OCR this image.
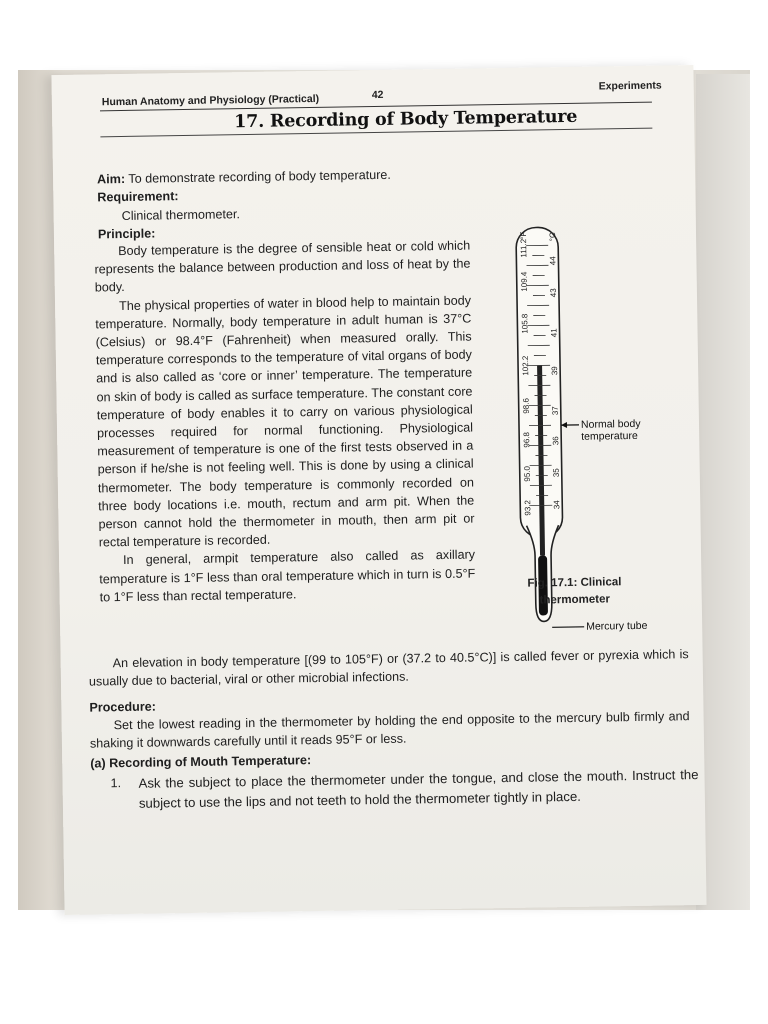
Human Anatomy and Physiology (Practical)	42
Experiments
17. Recording of Body Temperature
Aim: To demonstrate recording of body temperature.
Requirement:
Clinical thermometer.
Principle:

Body temperature is the degree of sensible heat or cold which represents the balance between production and loss of heat by the body.

The physical properties of water in blood help to maintain body temperature. Normally, body temperature in adult human is 37°C (Celsius) or 98.4°F (Fahrenheit) when measured orally. This temperature corresponds to the temperature of vital organs of body and is also called as ‘core or inner’ temperature. The temperature on skin of body is called as surface temperature. The constant core temperature of body enables it to carry on various physiological processes required for normal functioning. Physiological measurement of temperature is one of the first tests observed in a person if he/she is not feeling well. This is done by using a clinical thermometer. The body temperature is commonly recorded on three body locations i.e. mouth, rectum and arm pit. When the person cannot hold the thermometer in mouth, then arm pit or rectal temperature is recorded.

In general, armpit temperature also called as axillary temperature is 1°F less than oral temperature which in turn is 0.5°F to 1°F less than rectal temperature.

An elevation in body temperature [(99 to 105°F) or (37.2 to 40.5°C)] is called fever or pyrexia which is usually due to bacterial, viral or other microbial infections.

Procedure:

Set the lowest reading in the thermometer by holding the end opposite to the mercury bulb firmly and shaking it downwards carefully until it reads 95°F or less.

(a) Recording of Mouth Temperature:
1. Ask the subject to place the thermometer under the tongue, and close the mouth. Instruct the subject to use the lips and not teeth to hold the thermometer tightly in place.
93.2
95.0
96.8
98.6
102.2
105.8
109.4
111.2
°F
34
35
36
37
39
41
43
44
°C
Normal body
temperature
Mercury tube
Fig. 17.1: Clinical
thermometer
